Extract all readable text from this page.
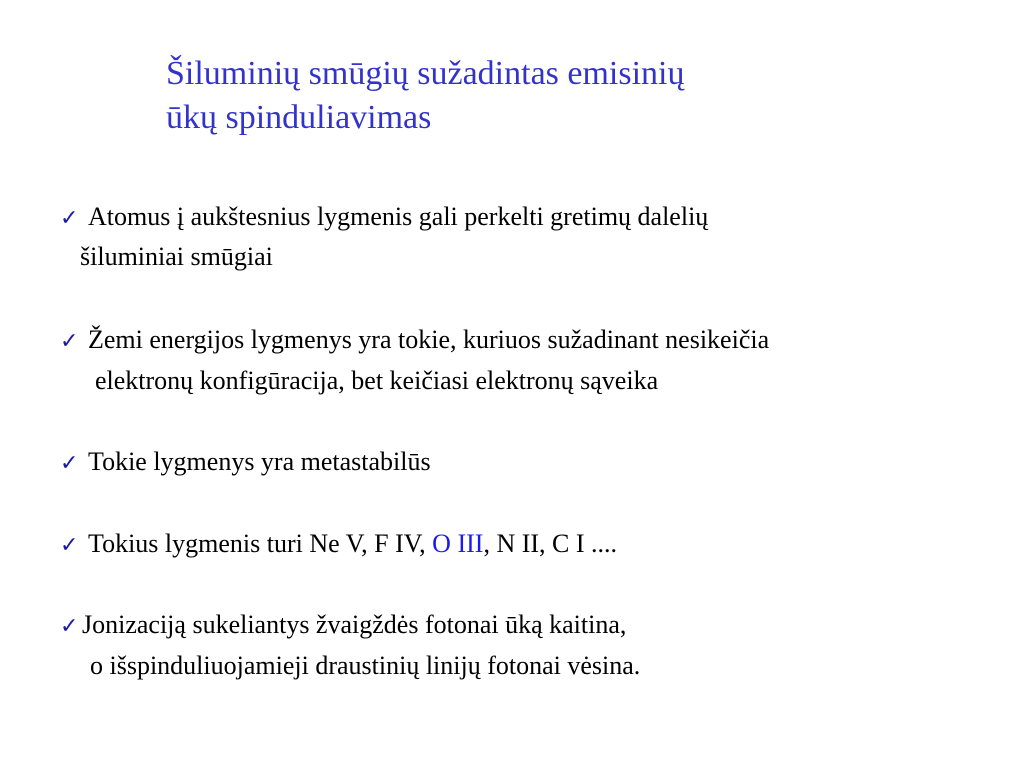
Šiluminių smūgių sužadintas emisinių
ūkų spinduliavimas
✓ Atomus į aukštesnius lygmenis gali perkelti gretimų dalelių
šiluminiai smūgiai
✓ Žemi energijos lygmenys yra tokie, kuriuos sužadinant nesikeičia
elektronų konfigūracija, bet keičiasi elektronų sąveika
✓ Tokie lygmenys yra metastabilūs
✓ Tokius lygmenis turi Ne V, F IV, O III, N II, C I ....
✓ Jonizaciją sukeliantys žvaigždės fotonai ūką kaitina,
o išspinduliuojamieji draustinių linijų fotonai vėsina.
